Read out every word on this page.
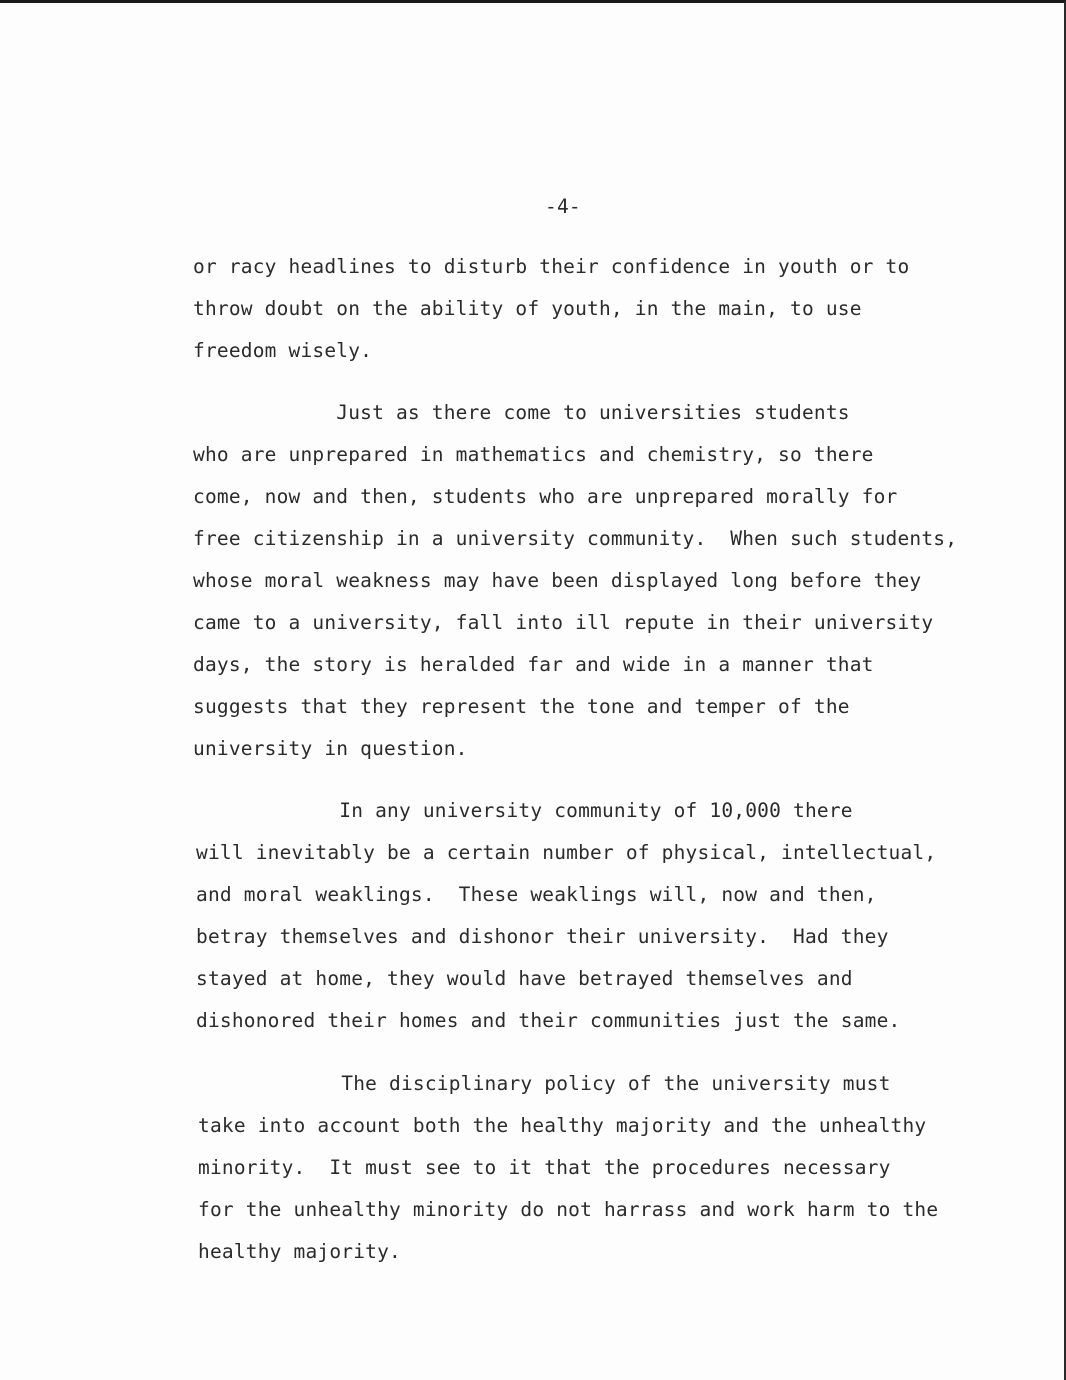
-4-
or racy headlines to disturb their confidence in youth or to
throw doubt on the ability of youth, in the main, to use
freedom wisely.
Just as there come to universities students
who are unprepared in mathematics and chemistry, so there
come, now and then, students who are unprepared morally for
free citizenship in a university community.  When such students,
whose moral weakness may have been displayed long before they
came to a university, fall into ill repute in their university
days, the story is heralded far and wide in a manner that
suggests that they represent the tone and temper of the
university in question.
In any university community of 10,000 there
will inevitably be a certain number of physical, intellectual,
and moral weaklings.  These weaklings will, now and then,
betray themselves and dishonor their university.  Had they
stayed at home, they would have betrayed themselves and
dishonored their homes and their communities just the same.
The disciplinary policy of the university must
take into account both the healthy majority and the unhealthy
minority.  It must see to it that the procedures necessary
for the unhealthy minority do not harrass and work harm to the
healthy majority.
